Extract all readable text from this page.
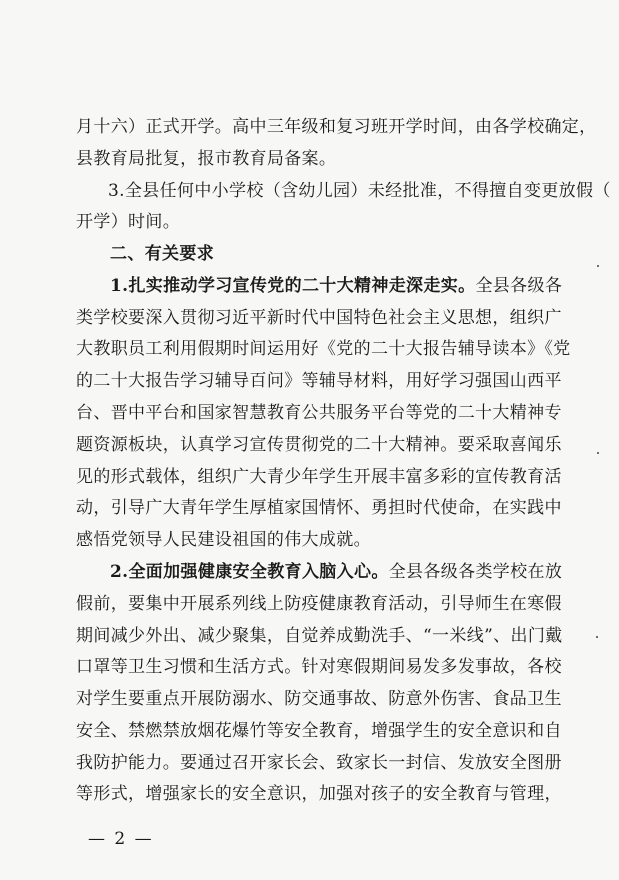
月十六）正式开学。高中三年级和复习班开学时间，由各学校确定，
县教育局批复，报市教育局备案。
3.全县任何中小学校（含幼儿园）未经批准，不得擅自变更放假（
开学）时间。
二、有关要求
1.扎实推动学习宣传党的二十大精神走深走实。全县各级各
类学校要深入贯彻习近平新时代中国特色社会主义思想，组织广
大教职员工利用假期时间运用好《党的二十大报告辅导读本》《党
的二十大报告学习辅导百问》等辅导材料，用好学习强国山西平
台、晋中平台和国家智慧教育公共服务平台等党的二十大精神专
题资源板块，认真学习宣传贯彻党的二十大精神。要采取喜闻乐
见的形式载体，组织广大青少年学生开展丰富多彩的宣传教育活
动，引导广大青年学生厚植家国情怀、勇担时代使命，在实践中
感悟党领导人民建设祖国的伟大成就。
2.全面加强健康安全教育入脑入心。全县各级各类学校在放
假前，要集中开展系列线上防疫健康教育活动，引导师生在寒假
期间减少外出、减少聚集，自觉养成勤洗手、“一米线”、出门戴
口罩等卫生习惯和生活方式。针对寒假期间易发多发事故，各校
对学生要重点开展防溺水、防交通事故、防意外伤害、食品卫生
安全、禁燃禁放烟花爆竹等安全教育，增强学生的安全意识和自
我防护能力。要通过召开家长会、致家长一封信、发放安全图册
等形式，增强家长的安全意识，加强对孩子的安全教育与管理，
— 2 —
